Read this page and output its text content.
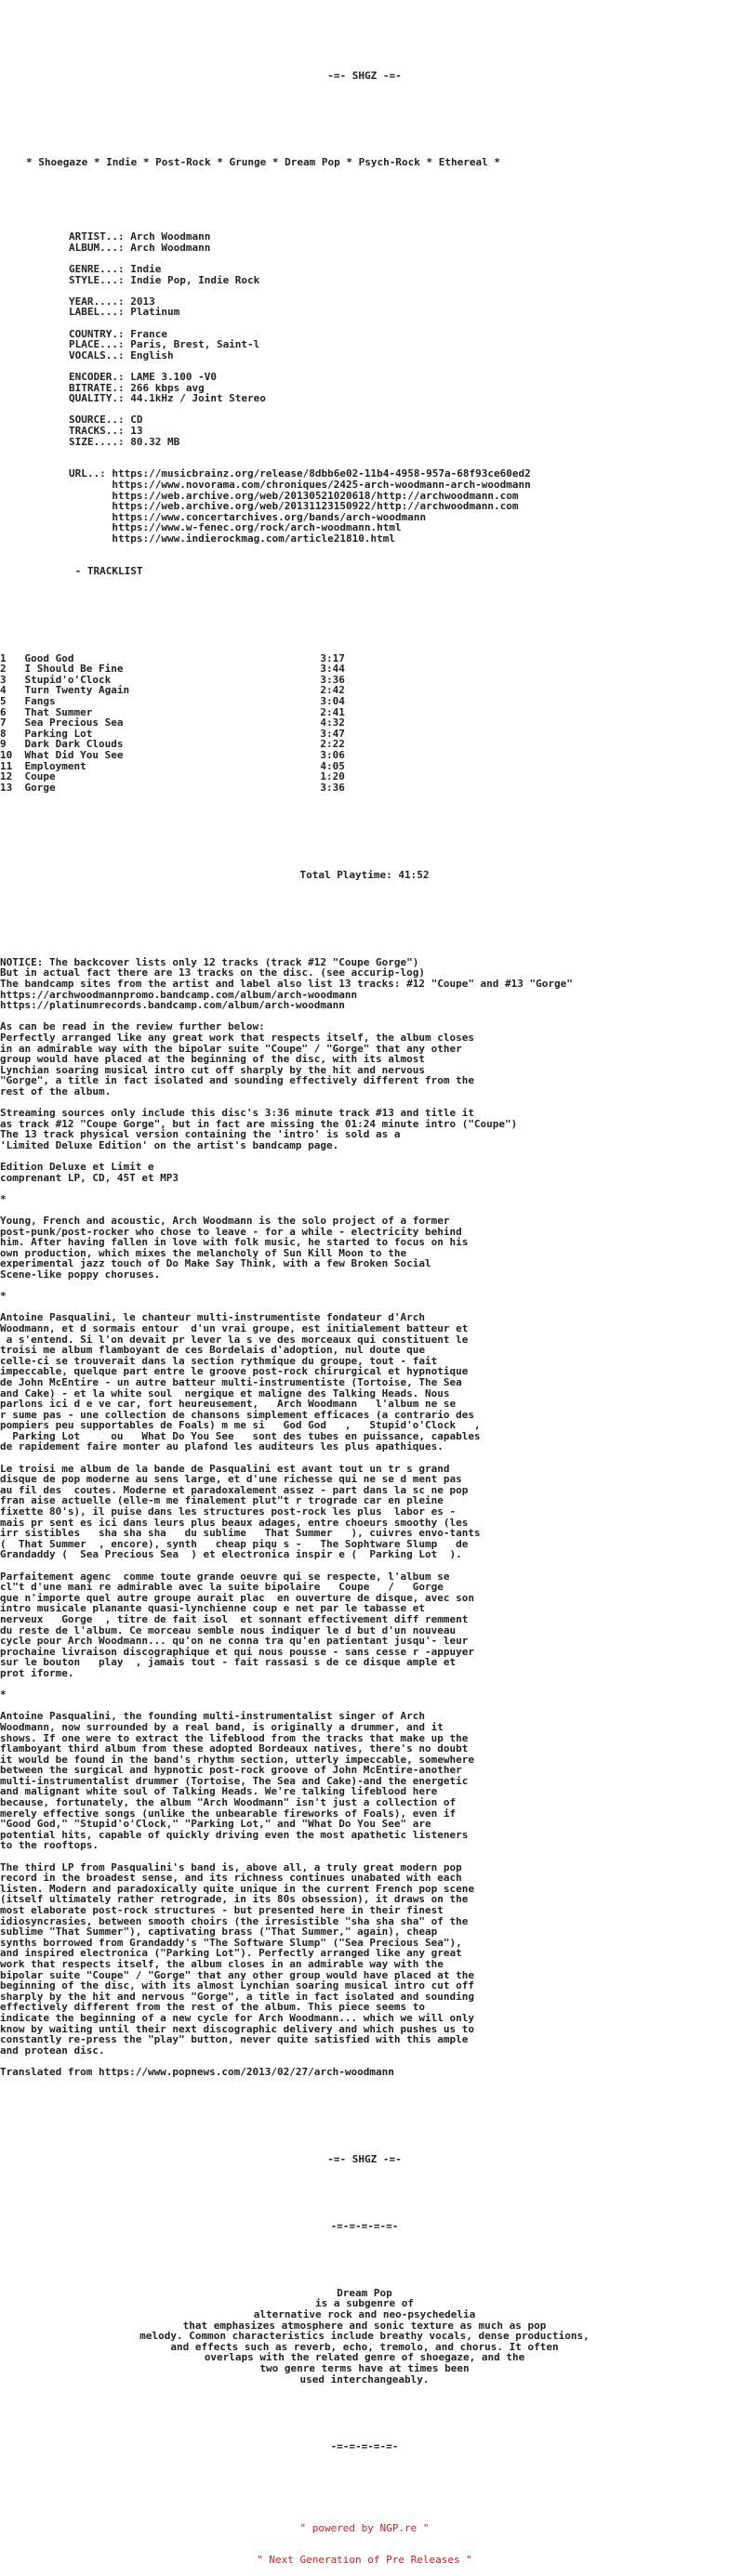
-=- SHGZ -=-

* Shoegaze * Indie * Post-Rock * Grunge * Dream Pop * Psych-Rock * Ethereal *

ARTIST..: Arch Woodmann
ALBUM...: Arch Woodmann

GENRE...: Indie
STYLE...: Indie Pop, Indie Rock

YEAR....: 2013
LABEL...: Platinum

COUNTRY.: France
PLACE...: Paris, Brest, Saint-l
VOCALS..: English

ENCODER.: LAME 3.100 -V0
BITRATE.: 266 kbps avg
QUALITY.: 44.1kHz / Joint Stereo

SOURCE..: CD
TRACKS..: 13
SIZE....: 80.32 MB

URL..: https://musicbrainz.org/release/8dbb6e02-11b4-4958-957a-68f93ce60ed2
https://www.novorama.com/chroniques/2425-arch-woodmann-arch-woodmann
https://web.archive.org/web/20130521020618/http://archwoodmann.com
https://web.archive.org/web/20131123150922/http://archwoodmann.com
https://www.concertarchives.org/bands/arch-woodmann
https://www.w-fenec.org/rock/arch-woodmann.html
https://www.indierockmag.com/article21810.html

- TRACKLIST

1   Good God                                        3:17
2   I Should Be Fine                                3:44
3   Stupid'o'Clock                                  3:36
4   Turn Twenty Again                               2:42
5   Fangs                                           3:04
6   That Summer                                     2:41
7   Sea Precious Sea                                4:32
8   Parking Lot                                     3:47
9   Dark Dark Clouds                                2:22
10  What Did You See                                3:06
11  Employment                                      4:05
12  Coupe                                           1:20
13  Gorge                                           3:36

Total Playtime: 41:52

NOTICE: The backcover lists only 12 tracks (track #12 "Coupe Gorge")
But in actual fact there are 13 tracks on the disc. (see accurip-log)
The bandcamp sites from the artist and label also list 13 tracks: #12 "Coupe" and #13 "Gorge"
https://archwoodmannpromo.bandcamp.com/album/arch-woodmann
https://platinumrecords.bandcamp.com/album/arch-woodmann

As can be read in the review further below:
Perfectly arranged like any great work that respects itself, the album closes
in an admirable way with the bipolar suite "Coupe" / "Gorge" that any other
group would have placed at the beginning of the disc, with its almost
Lynchian soaring musical intro cut off sharply by the hit and nervous
"Gorge", a title in fact isolated and sounding effectively different from the
rest of the album.

Streaming sources only include this disc's 3:36 minute track #13 and title it
as track #12 "Coupe Gorge", but in fact are missing the 01:24 minute intro ("Coupe")
The 13 track physical version containing the 'intro' is sold as a
'Limited Deluxe Edition' on the artist's bandcamp page.

Edition Deluxe et Limit e
comprenant LP, CD, 45T et MP3

*

Young, French and acoustic, Arch Woodmann is the solo project of a former
post-punk/post-rocker who chose to leave - for a while - electricity behind
him. After having fallen in love with folk music, he started to focus on his
own production, which mixes the melancholy of Sun Kill Moon to the
experimental jazz touch of Do Make Say Think, with a few Broken Social
Scene-like poppy choruses.

*

Antoine Pasqualini, le chanteur multi-instrumentiste fondateur d'Arch
Woodmann, et d sormais entour  d'un vrai groupe, est initialement batteur et
a s'entend. Si l'on devait pr lever la s ve des morceaux qui constituent le
troisi me album flamboyant de ces Bordelais d'adoption, nul doute que
celle-ci se trouverait dans la section rythmique du groupe, tout - fait
impeccable, quelque part entre le groove post-rock chirurgical et hypnotique
de John McEntire - un autre batteur multi-instrumentiste (Tortoise, The Sea
and Cake) - et la white soul  nergique et maligne des Talking Heads. Nous
parlons ici d e ve car, fort heureusement,   Arch Woodmann   l'album ne se
r sume pas - une collection de chansons simplement efficaces (a contrario des
pompiers peu supportables de Foals) m me si   God God   ,   Stupid'o'Clock   ,
Parking Lot     ou   What Do You See   sont des tubes en puissance, capables
de rapidement faire monter au plafond les auditeurs les plus apathiques.

Le troisi me album de la bande de Pasqualini est avant tout un tr s grand
disque de pop moderne au sens large, et d'une richesse qui ne se d ment pas
au fil des  coutes. Moderne et paradoxalement assez - part dans la sc ne pop
fran aise actuelle (elle-m me finalement plut"t r trograde car en pleine
fixette 80's), il puise dans les structures post-rock les plus  labor es -
mais pr sent es ici dans leurs plus beaux adages, entre choeurs smoothy (les
irr sistibles   sha sha sha   du sublime   That Summer   ), cuivres envo-tants
(  That Summer  , encore), synth   cheap piqu s -   The Sophtware Slump   de
Grandaddy (  Sea Precious Sea  ) et electronica inspir e (  Parking Lot  ).

Parfaitement agenc  comme toute grande oeuvre qui se respecte, l'album se
cl"t d'une mani re admirable avec la suite bipolaire   Coupe   /   Gorge
que n'importe quel autre groupe aurait plac  en ouverture de disque, avec son
intro musicale planante quasi-lynchienne coup e net par le tabasse et
nerveux   Gorge  , titre de fait isol  et sonnant effectivement diff remment
du reste de l'album. Ce morceau semble nous indiquer le d but d'un nouveau
cycle pour Arch Woodmann... qu'on ne conna tra qu'en patientant jusqu'- leur
prochaine livraison discographique et qui nous pousse - sans cesse r -appuyer
sur le bouton   play  , jamais tout - fait rassasi s de ce disque ample et
prot iforme.

*

Antoine Pasqualini, the founding multi-instrumentalist singer of Arch
Woodmann, now surrounded by a real band, is originally a drummer, and it
shows. If one were to extract the lifeblood from the tracks that make up the
flamboyant third album from these adopted Bordeaux natives, there's no doubt
it would be found in the band's rhythm section, utterly impeccable, somewhere
between the surgical and hypnotic post-rock groove of John McEntire-another
multi-instrumentalist drummer (Tortoise, The Sea and Cake)-and the energetic
and malignant white soul of Talking Heads. We're talking lifeblood here
because, fortunately, the album "Arch Woodmann" isn't just a collection of
merely effective songs (unlike the unbearable fireworks of Foals), even if
"Good God," "Stupid'o'Clock," "Parking Lot," and "What Do You See" are
potential hits, capable of quickly driving even the most apathetic listeners
to the rooftops.

The third LP from Pasqualini's band is, above all, a truly great modern pop
record in the broadest sense, and its richness continues unabated with each
listen. Modern and paradoxically quite unique in the current French pop scene
(itself ultimately rather retrograde, in its 80s obsession), it draws on the
most elaborate post-rock structures - but presented here in their finest
idiosyncrasies, between smooth choirs (the irresistible "sha sha sha" of the
sublime "That Summer"), captivating brass ("That Summer," again), cheap
synths borrowed from Grandaddy's "The Software Slump" ("Sea Precious Sea"),
and inspired electronica ("Parking Lot"). Perfectly arranged like any great
work that respects itself, the album closes in an admirable way with the
bipolar suite "Coupe" / "Gorge" that any other group would have placed at the
beginning of the disc, with its almost Lynchian soaring musical intro cut off
sharply by the hit and nervous "Gorge", a title in fact isolated and sounding
effectively different from the rest of the album. This piece seems to
indicate the beginning of a new cycle for Arch Woodmann... which we will only
know by waiting until their next discographic delivery and which pushes us to
constantly re-press the "play" button, never quite satisfied with this ample
and protean disc.

Translated from https://www.popnews.com/2013/02/27/arch-woodmann

-=- SHGZ -=-

-=-=-=-=-=-

Dream Pop
is a subgenre of
alternative rock and neo-psychedelia
that emphasizes atmosphere and sonic texture as much as pop
melody. Common characteristics include breathy vocals, dense productions,
and effects such as reverb, echo, tremolo, and chorus. It often
overlaps with the related genre of shoegaze, and the
two genre terms have at times been
used interchangeably.

-=-=-=-=-=-

" powered by NGP.re "

" Next Generation of Pre Releases "
